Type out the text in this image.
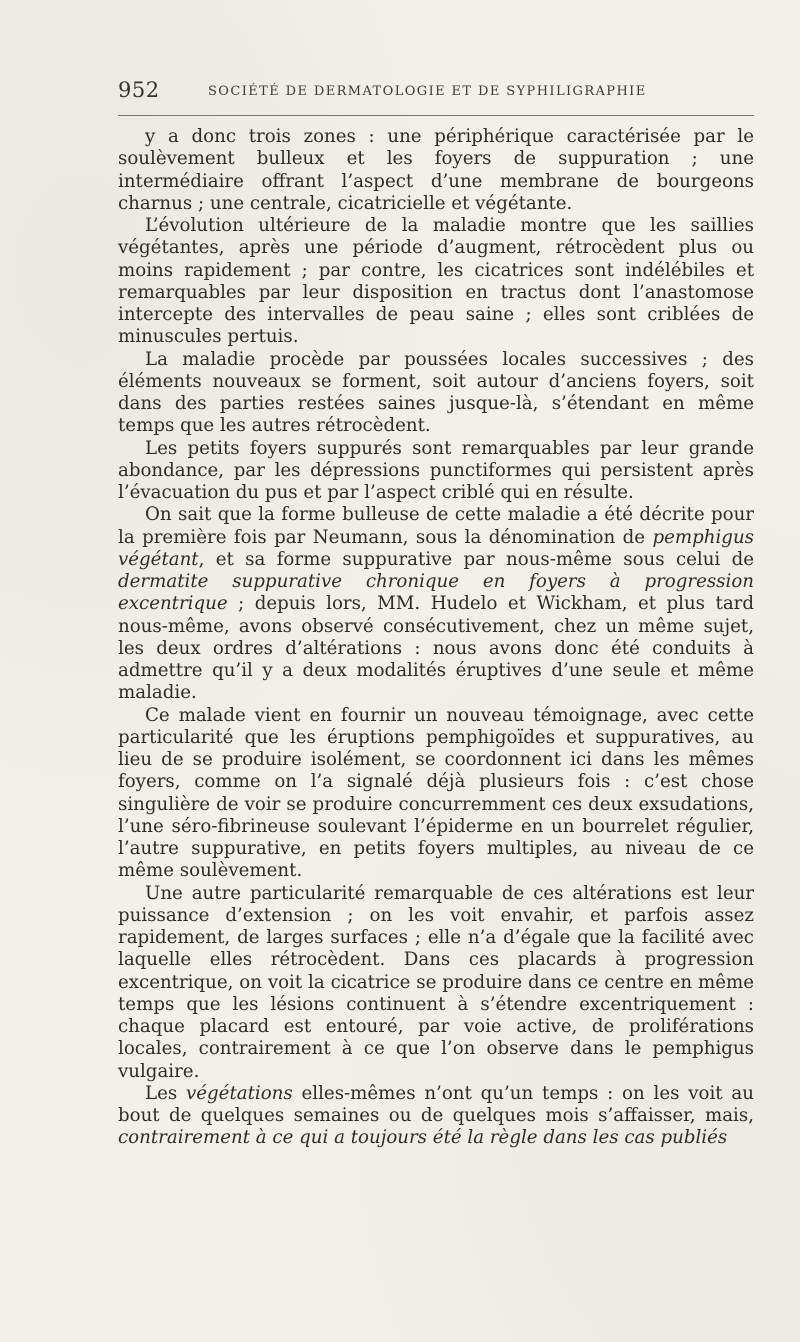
952	SOCIÉTÉ DE DERMATOLOGIE ET DE SYPHILIGRAPHIE

y a donc trois zones : une périphérique caractérisée par le soulèvement bulleux et les foyers de suppuration ; une intermédiaire offrant l’aspect d’une membrane de bourgeons charnus ; une centrale, cicatricielle et végétante.

L’évolution ultérieure de la maladie montre que les saillies végétantes, après une période d’augment, rétrocèdent plus ou moins rapidement ; par contre, les cicatrices sont indélébiles et remarquables par leur disposition en tractus dont l’anastomose intercepte des intervalles de peau saine ; elles sont criblées de minuscules pertuis.

La maladie procède par poussées locales successives ; des éléments nouveaux se forment, soit autour d’anciens foyers, soit dans des parties restées saines jusque-là, s’étendant en même temps que les autres rétrocèdent.

Les petits foyers suppurés sont remarquables par leur grande abondance, par les dépressions punctiformes qui persistent après l’évacuation du pus et par l’aspect criblé qui en résulte.

On sait que la forme bulleuse de cette maladie a été décrite pour la première fois par Neumann, sous la dénomination de pemphigus végétant, et sa forme suppurative par nous-même sous celui de dermatite suppurative chronique en foyers à progression excentrique ; depuis lors, MM. Hudelo et Wickham, et plus tard nous-même, avons observé consécutivement, chez un même sujet, les deux ordres d’altérations : nous avons donc été conduits à admettre qu’il y a deux modalités éruptives d’une seule et même maladie.

Ce malade vient en fournir un nouveau témoignage, avec cette particularité que les éruptions pemphigoïdes et suppuratives, au lieu de se produire isolément, se coordonnent ici dans les mêmes foyers, comme on l’a signalé déjà plusieurs fois : c’est chose singulière de voir se produire concurremment ces deux exsudations, l’une séro-fibrineuse soulevant l’épiderme en un bourrelet régulier, l’autre suppurative, en petits foyers multiples, au niveau de ce même soulèvement.

Une autre particularité remarquable de ces altérations est leur puissance d’extension ; on les voit envahir, et parfois assez rapidement, de larges surfaces ; elle n’a d’égale que la facilité avec laquelle elles rétrocèdent. Dans ces placards à progression excentrique, on voit la cicatrice se produire dans ce centre en même temps que les lésions continuent à s’étendre excentriquement : chaque placard est entouré, par voie active, de proliférations locales, contrairement à ce que l’on observe dans le pemphigus vulgaire.

Les végétations elles-mêmes n’ont qu’un temps : on les voit au bout de quelques semaines ou de quelques mois s’affaisser, mais, contrairement à ce qui a toujours été la règle dans les cas publiés
